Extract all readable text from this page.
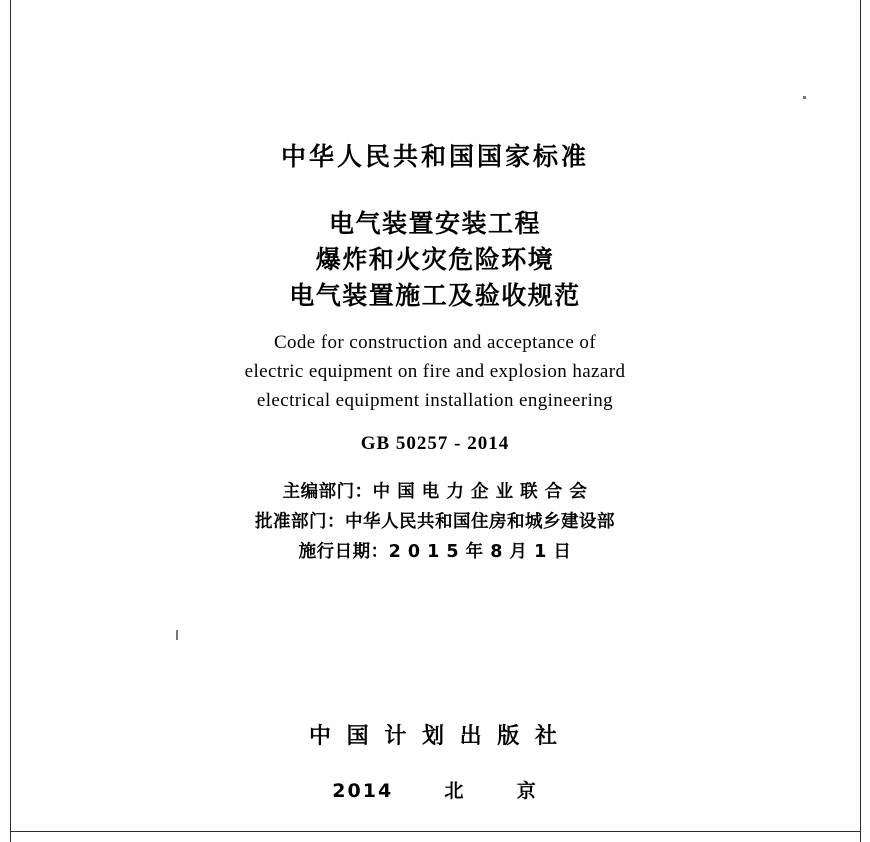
中华人民共和国国家标准
电气装置安装工程
爆炸和火灾危险环境
电气装置施工及验收规范
Code for construction and acceptance of
electric equipment on fire and explosion hazard
electrical equipment installation engineering
GB 50257 - 2014
主编部门：中 国 电 力 企 业 联 合 会
批准部门：中华人民共和国住房和城乡建设部
施行日期：2 0 1 5 年 8 月 1 日
中 国 计 划 出 版 社
2014	北	京
